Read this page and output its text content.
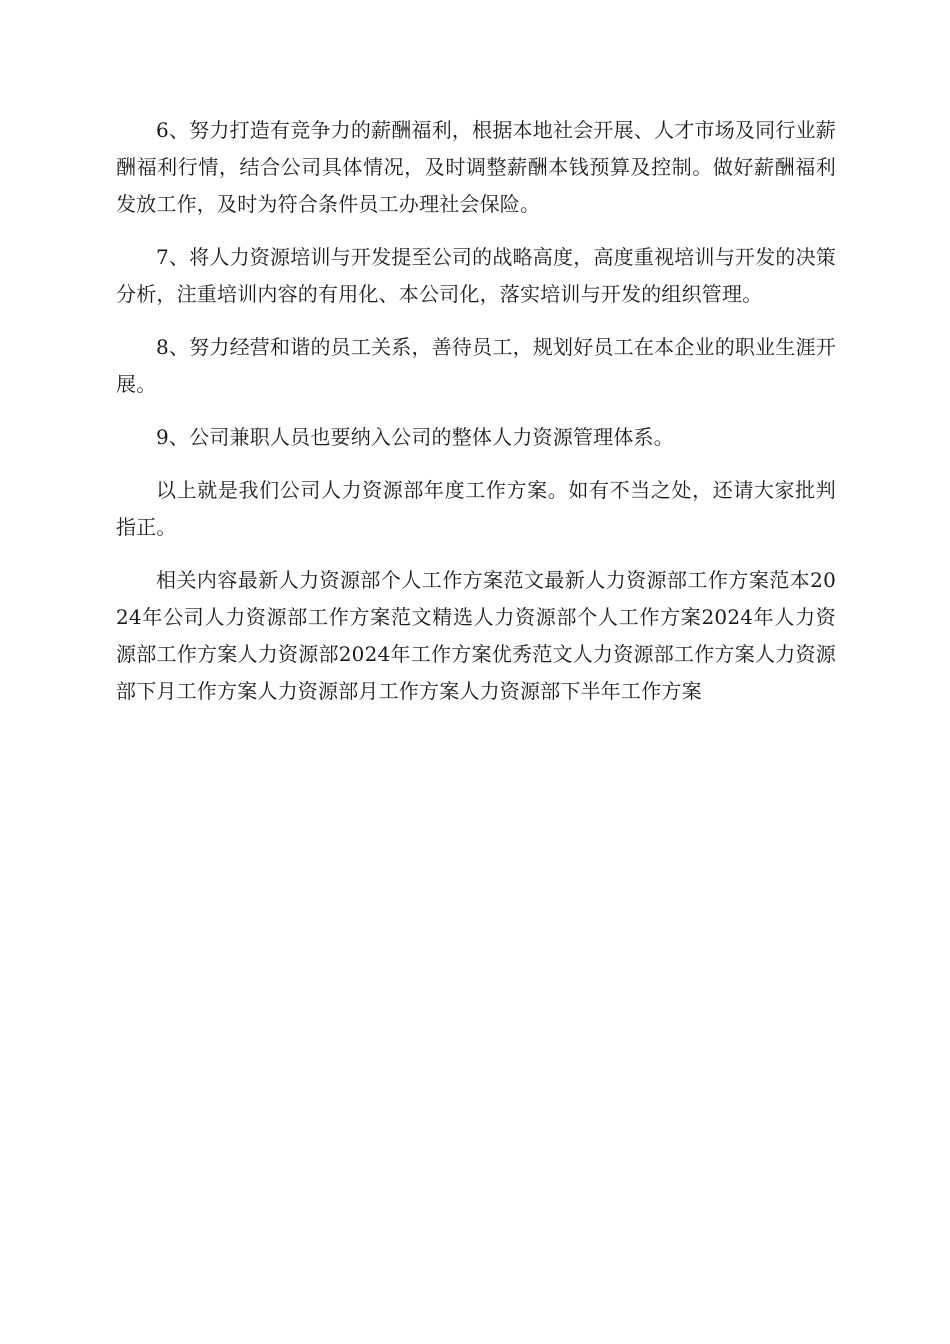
6、努力打造有竞争力的薪酬福利，根据本地社会开展、人才市场及同行业薪酬福利行情，结合公司具体情况，及时调整薪酬本钱预算及控制。做好薪酬福利发放工作，及时为符合条件员工办理社会保险。

7、将人力资源培训与开发提至公司的战略高度，高度重视培训与开发的决策分析，注重培训内容的有用化、本公司化，落实培训与开发的组织管理。

8、努力经营和谐的员工关系，善待员工，规划好员工在本企业的职业生涯开展。

9、公司兼职人员也要纳入公司的整体人力资源管理体系。

以上就是我们公司人力资源部年度工作方案。如有不当之处，还请大家批判指正。

相关内容最新人力资源部个人工作方案范文最新人力资源部工作方案范本2024年公司人力资源部工作方案范文精选人力资源部个人工作方案2024年人力资源部工作方案人力资源部2024年工作方案优秀范文人力资源部工作方案人力资源部下月工作方案人力资源部月工作方案人力资源部下半年工作方案
